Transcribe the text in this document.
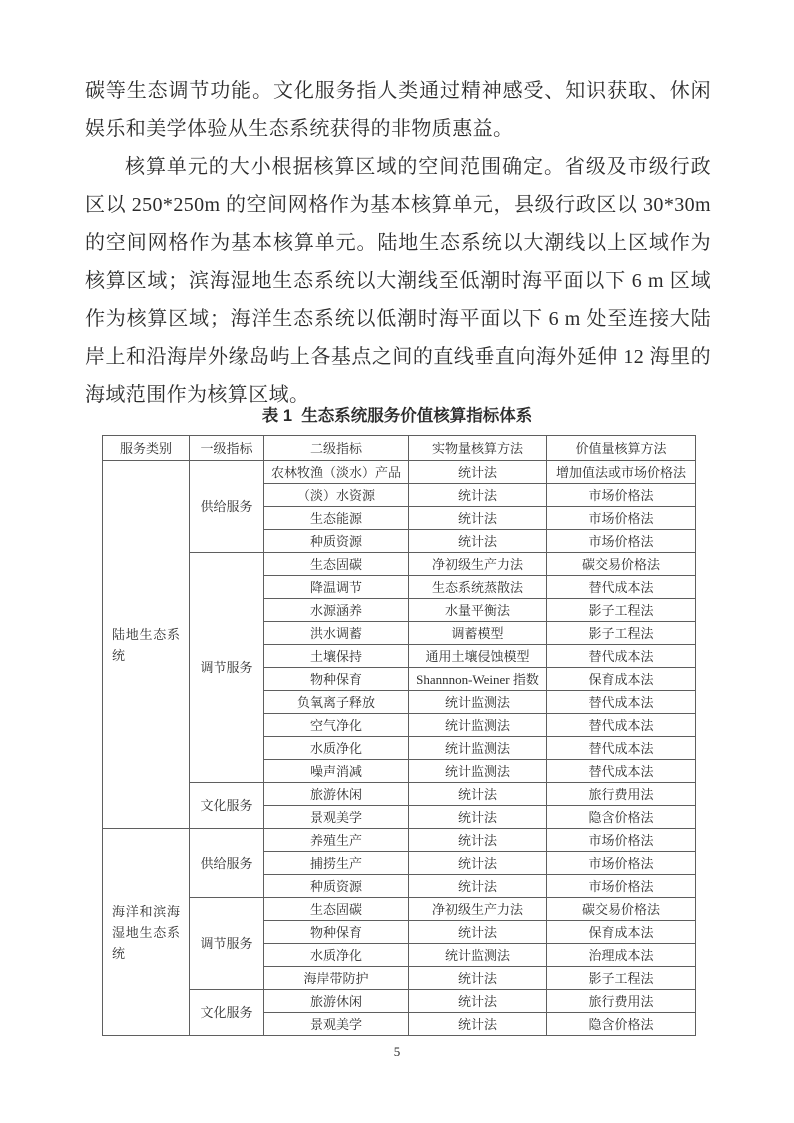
碳等生态调节功能。文化服务指人类通过精神感受、知识获取、休闲娱乐和美学体验从生态系统获得的非物质惠益。

核算单元的大小根据核算区域的空间范围确定。省级及市级行政区以 250*250m 的空间网格作为基本核算单元，县级行政区以 30*30m 的空间网格作为基本核算单元。陆地生态系统以大潮线以上区域作为核算区域；滨海湿地生态系统以大潮线至低潮时海平面以下 6 m 区域作为核算区域；海洋生态系统以低潮时海平面以下 6 m 处至连接大陆岸上和沿海岸外缘岛屿上各基点之间的直线垂直向海外延伸 12 海里的海域范围作为核算区域。

表 1  生态系统服务价值核算指标体系
服务类别	一级指标	二级指标	实物量核算方法	价值量核算方法
陆地生态系统	供给服务	农林牧渔（淡水）产品	统计法	增加值法或市场价格法
		（淡）水资源	统计法	市场价格法
		生态能源	统计法	市场价格法
		种质资源	统计法	市场价格法
	调节服务	生态固碳	净初级生产力法	碳交易价格法
		降温调节	生态系统蒸散法	替代成本法
		水源涵养	水量平衡法	影子工程法
		洪水调蓄	调蓄模型	影子工程法
		土壤保持	通用土壤侵蚀模型	替代成本法
		物种保育	Shannnon-Weiner 指数	保育成本法
		负氧离子释放	统计监测法	替代成本法
		空气净化	统计监测法	替代成本法
		水质净化	统计监测法	替代成本法
		噪声消减	统计监测法	替代成本法
	文化服务	旅游休闲	统计法	旅行费用法
		景观美学	统计法	隐含价格法
海洋和滨海湿地生态系统	供给服务	养殖生产	统计法	市场价格法
		捕捞生产	统计法	市场价格法
		种质资源	统计法	市场价格法
	调节服务	生态固碳	净初级生产力法	碳交易价格法
		物种保育	统计法	保育成本法
		水质净化	统计监测法	治理成本法
		海岸带防护	统计法	影子工程法
	文化服务	旅游休闲	统计法	旅行费用法
		景观美学	统计法	隐含价格法
5
